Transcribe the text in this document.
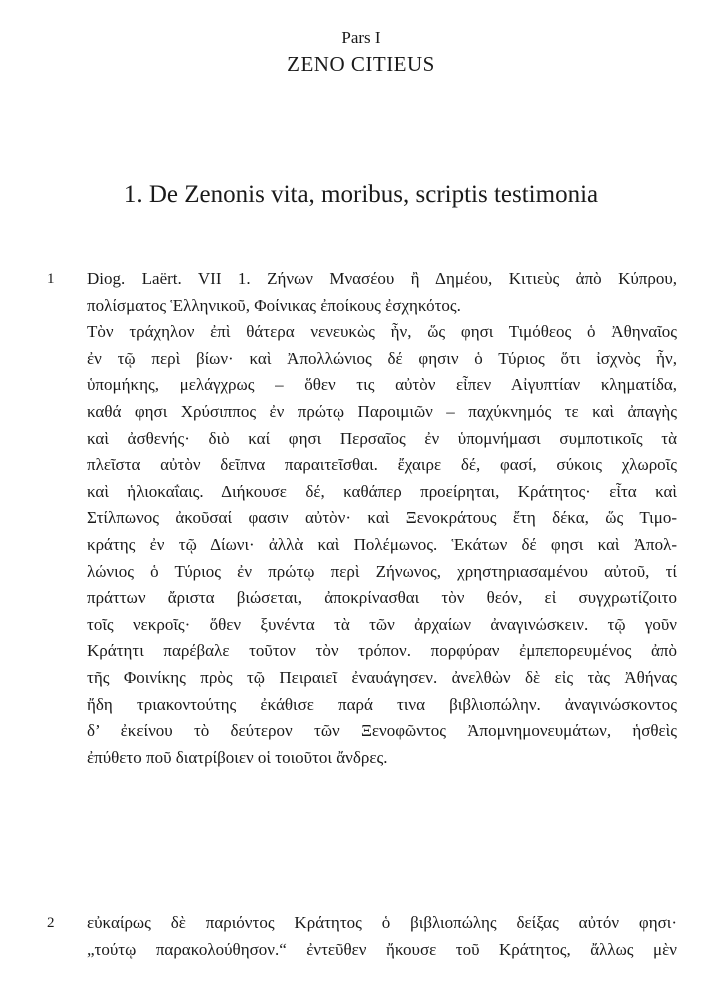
Pars I
ZENO CITIEUS
1. De Zenonis vita, moribus, scriptis testimonia
1 Diog. Laërt. VII 1. Ζήνων Μνασέου ἢ Δημέου, Κιτιεὺς ἀπὸ Κύπρου,
πολίσματος Ἑλληνικοῦ, Φοίνικας ἐποίκους ἐσχηκότος.
Τὸν τράχηλον ἐπὶ θάτερα νενευκὼς ἦν, ὥς φησι Τιμόθεος ὁ Ἀθηναῖος
ἐν τῷ περὶ βίων· καὶ Ἀπολλώνιος δέ φησιν ὁ Τύριος ὅτι ἰσχνὸς ἦν,
ὑπομήκης, μελάγχρως – ὅθεν τις αὐτὸν εἶπεν Αἰγυπτίαν κληματίδα,
καθά φησι Χρύσιππος ἐν πρώτῳ Παροιμιῶν – παχύκνημός τε καὶ ἀπαγὴς
καὶ ἀσθενής· διὸ καί φησι Περσαῖος ἐν ὑπομνήμασι συμποτικοῖς τὰ
πλεῖστα αὐτὸν δεῖπνα παραιτεῖσθαι. ἔχαιρε δέ, φασί, σύκοις χλωροῖς
καὶ ἡλιοκαΐαις. Διήκουσε δέ, καθάπερ προείρηται, Κράτητος· εἶτα καὶ
Στίλπωνος ἀκοῦσαί φασιν αὐτὸν· καὶ Ξενοκράτους ἔτη δέκα, ὥς Τιμο-
κράτης ἐν τῷ Δίωνι· ἀλλὰ καὶ Πολέμωνος. Ἑκάτων δέ φησι καὶ Ἀπολ-
λώνιος ὁ Τύριος ἐν πρώτῳ περὶ Ζήνωνος, χρηστηριασαμένου αὐτοῦ, τί
πράττων ἄριστα βιώσεται, ἀποκρίνασθαι τὸν θεόν, εἰ συγχρωτίζοιτο
τοῖς νεκροῖς· ὅθεν ξυνέντα τὰ τῶν ἀρχαίων ἀναγινώσκειν. τῷ γοῦν
Κράτητι παρέβαλε τοῦτον τὸν τρόπον. πορφύραν ἐμπεπορευμένος ἀπὸ
τῆς Φοινίκης πρὸς τῷ Πειραιεῖ ἐναυάγησεν. ἀνελθὼν δὲ εἰς τὰς Ἀθήνας
ἤδη τριακοντούτης ἐκάθισε παρά τινα βιβλιοπώλην. ἀναγινώσκοντος
δ’ ἐκείνου τὸ δεύτερον τῶν Ξενοφῶντος Ἀπομνημονευμάτων, ἡσθεὶς
ἐπύθετο ποῦ διατρίβοιεν οἱ τοιοῦτοι ἄνδρες.
2 εὐκαίρως δὲ παριόντος Κράτητος ὁ βιβλιοπώλης δείξας αὐτόν φησι·
„τούτῳ παρακολούθησον.“ ἐντεῦθεν ἤκουσε τοῦ Κράτητος, ἄλλως μὲν
